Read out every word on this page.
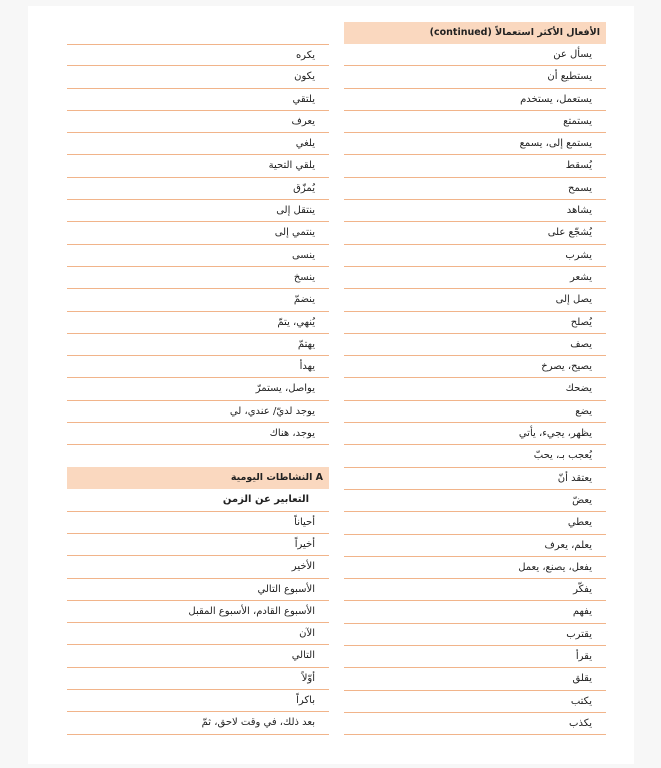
الأفعال الأكثر استعمالاً (continued)
يسأل عن
يستطيع أن
يستعمل، يستخدم
يستمتع
يستمع إلى، يسمع
يُسقط
يسمح
يشاهد
يُشجّع على
يشرب
يشعر
يصل إلى
يُصلح
يصف
يصيح، يصرخ
يضحك
يضع
يظهر، يجيء، يأتي
يُعجب بـ، يحبّ
يعتقد أنّ
يعضّ
يعطي
يعلم، يعرف
يفعل، يصنع، يعمل
يفكّر
يفهم
يقترب
يقرأ
يقلق
يكتب
يكذب
يكره
يكون
يلتقي
يعرف
يلغي
يلقي التحية
يُمزّق
ينتقل إلى
ينتمي إلى
ينسى
ينسخ
ينضمّ
يُنهي، يتمّ
يهتمّ
يهدأ
يواصل، يستمرّ
يوجد لديّ/ عندي، لي
يوجد، هناك
A النشاطات اليومية
التعابير عن الزمن
أحياناً
أخيراً
الأخير
الأسبوع التالي
الأسبوع القادم، الأسبوع المقبل
الآن
التالي
أوّلاً
باكراً
بعد ذلك، في وقت لاحق، ثمّ
